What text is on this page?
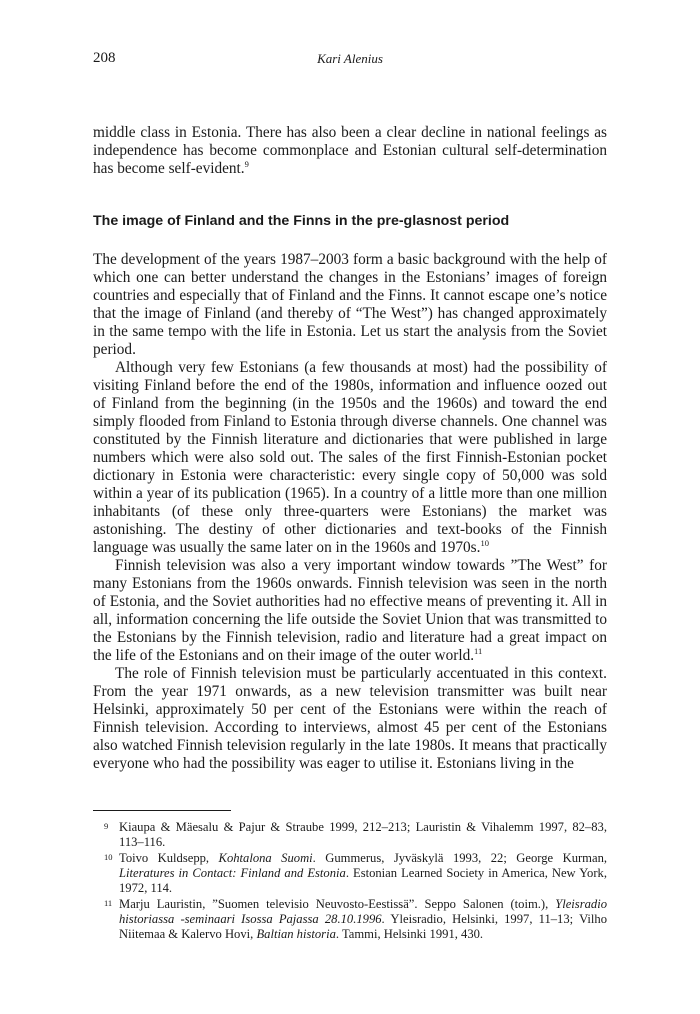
208	Kari Alenius

middle class in Estonia. There has also been a clear decline in national feelings as independence has become commonplace and Estonian cultural self-determination has become self-evident.$^9$

The image of Finland and the Finns in the pre-glasnost period

The development of the years 1987–2003 form a basic background with the help of which one can better understand the changes in the Estonians’ images of foreign countries and especially that of Finland and the Finns. It cannot escape one’s notice that the image of Finland (and thereby of “The West”) has changed approximately in the same tempo with the life in Estonia. Let us start the analysis from the Soviet period.

Although very few Estonians (a few thousands at most) had the possibility of visiting Finland before the end of the 1980s, information and influence oozed out of Finland from the beginning (in the 1950s and the 1960s) and toward the end simply flooded from Finland to Estonia through diverse channels. One channel was constituted by the Finnish literature and dictionaries that were published in large numbers which were also sold out. The sales of the first Finnish-Estonian pocket dictionary in Estonia were characteristic: every single copy of 50,000 was sold within a year of its publication (1965). In a country of a little more than one million inhabitants (of these only three-quarters were Estonians) the market was astonishing. The destiny of other dictionaries and text-books of the Finnish language was usually the same later on in the 1960s and 1970s.$^{10}$

Finnish television was also a very important window towards ”The West” for many Estonians from the 1960s onwards. Finnish television was seen in the north of Estonia, and the Soviet authorities had no effective means of preventing it. All in all, information concerning the life outside the Soviet Union that was transmitted to the Estonians by the Finnish television, radio and literature had a great impact on the life of the Estonians and on their image of the outer world.$^{11}$

The role of Finnish television must be particularly accentuated in this context. From the year 1971 onwards, as a new television transmitter was built near Helsinki, approximately 50 per cent of the Estonians were within the reach of Finnish television. According to interviews, almost 45 per cent of the Estonians also watched Finnish television regularly in the late 1980s. It means that practically everyone who had the possibility was eager to utilise it. Estonians living in the

9 Kiaupa & Mäesalu & Pajur & Straube 1999, 212–213; Lauristin & Vihalemm 1997, 82–83, 113–116.
10 Toivo Kuldsepp, Kohtalona Suomi. Gummerus, Jyväskylä 1993, 22; George Kurman, Literatures in Contact: Finland and Estonia. Estonian Learned Society in America, New York, 1972, 114.
11 Marju Lauristin, ”Suomen televisio Neuvosto-Eestissä”. Seppo Salonen (toim.), Yleisradio historiassa -seminaari Isossa Pajassa 28.10.1996. Yleisradio, Helsinki, 1997, 11–13; Vilho Niitemaa & Kalervo Hovi, Baltian historia. Tammi, Helsinki 1991, 430.
